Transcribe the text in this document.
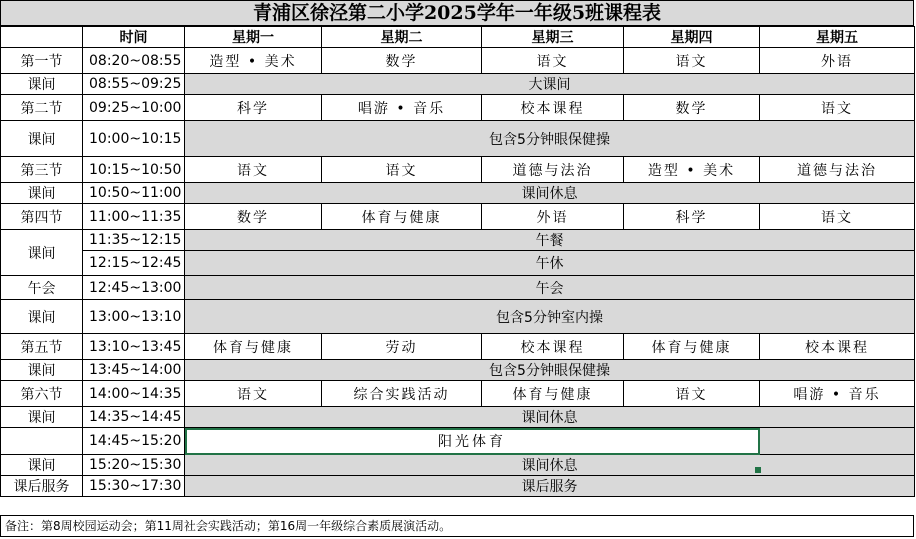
青浦区徐泾第二小学2025学年一年级5班课程表
	时间	星期一	星期二	星期三	星期四	星期五
第一节	08:20~08:55	造型 • 美术	数学	语文	语文	外语
课间	08:55~09:25	大课间				
第二节	09:25~10:00	科学	唱游 • 音乐	校本课程	数学	语文
课间	10:00~10:15	包含5分钟眼保健操				
第三节	10:15~10:50	语文	语文	道德与法治	造型 • 美术	道德与法治
课间	10:50~11:00	课间休息				
第四节	11:00~11:35	数学	体育与健康	外语	科学	语文
课间	11:35~12:15	午餐				
	12:15~12:45	午休				
午会	12:45~13:00	午会				
课间	13:00~13:10	包含5分钟室内操				
第五节	13:10~13:45	体育与健康	劳动	校本课程	体育与健康	校本课程
课间	13:45~14:00	包含5分钟眼保健操				
第六节	14:00~14:35	语文	综合实践活动	体育与健康	语文	唱游 • 音乐
课间	14:35~14:45	课间休息				
	14:45~15:20	阳光体育				
课间	15:20~15:30	课间休息				
课后服务	15:30~17:30	课后服务				
备注：第8周校园运动会；第11周社会实践活动；第16周一年级综合素质展演活动。
